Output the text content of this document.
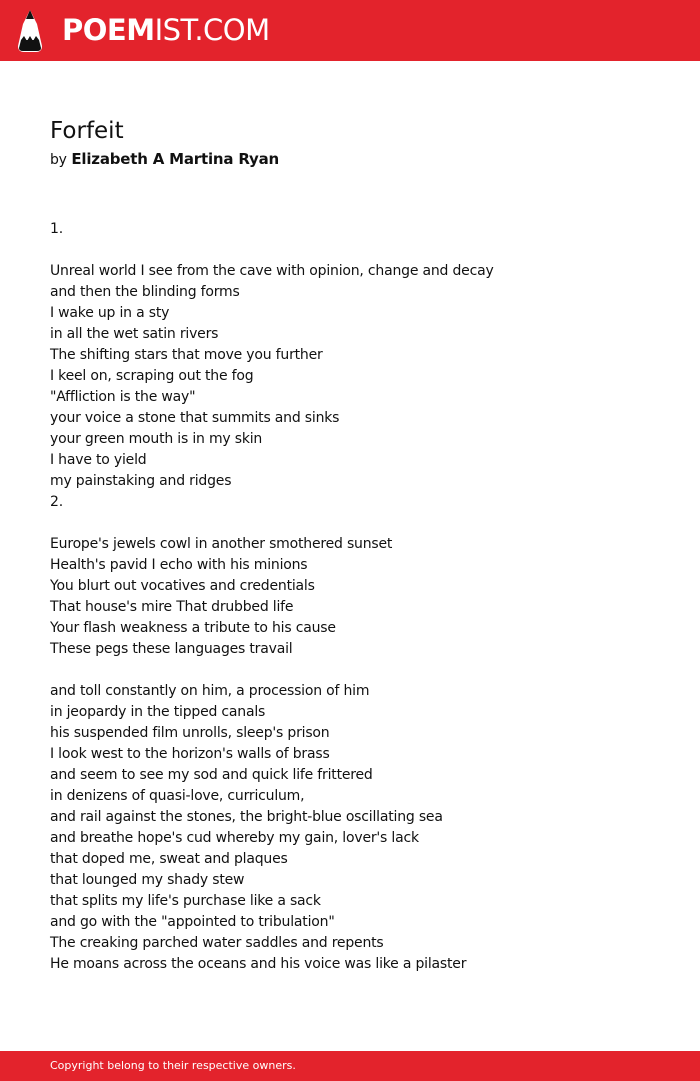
POEMIST.COM
Forfeit
by Elizabeth A Martina Ryan
1.
Unreal world I see from the cave with opinion, change and decay
and then the blinding forms
I wake up in a sty
in all the wet satin rivers
The shifting stars that move you further
I keel on, scraping out the fog
"Affliction is the way"
your voice a stone that summits and sinks
your green mouth is in my skin
I have to yield
my painstaking and ridges
2.
Europe's jewels cowl in another smothered sunset
Health's pavid I echo with his minions
You blurt out vocatives and credentials
That house's mire That drubbed life
Your flash weakness a tribute to his cause
These pegs these languages travail
and toll constantly on him, a procession of him
in jeopardy in the tipped canals
his suspended film unrolls, sleep's prison
I look west to the horizon's walls of brass
and seem to see my sod and quick life frittered
in denizens of quasi-love, curriculum,
and rail against the stones, the bright-blue oscillating sea
and breathe hope's cud whereby my gain, lover's lack
that doped me, sweat and plaques
that lounged my shady stew
that splits my life's purchase like a sack
and go with the "appointed to tribulation"
The creaking parched water saddles and repents
He moans across the oceans and his voice was like a pilaster
Copyright belong to their respective owners.
